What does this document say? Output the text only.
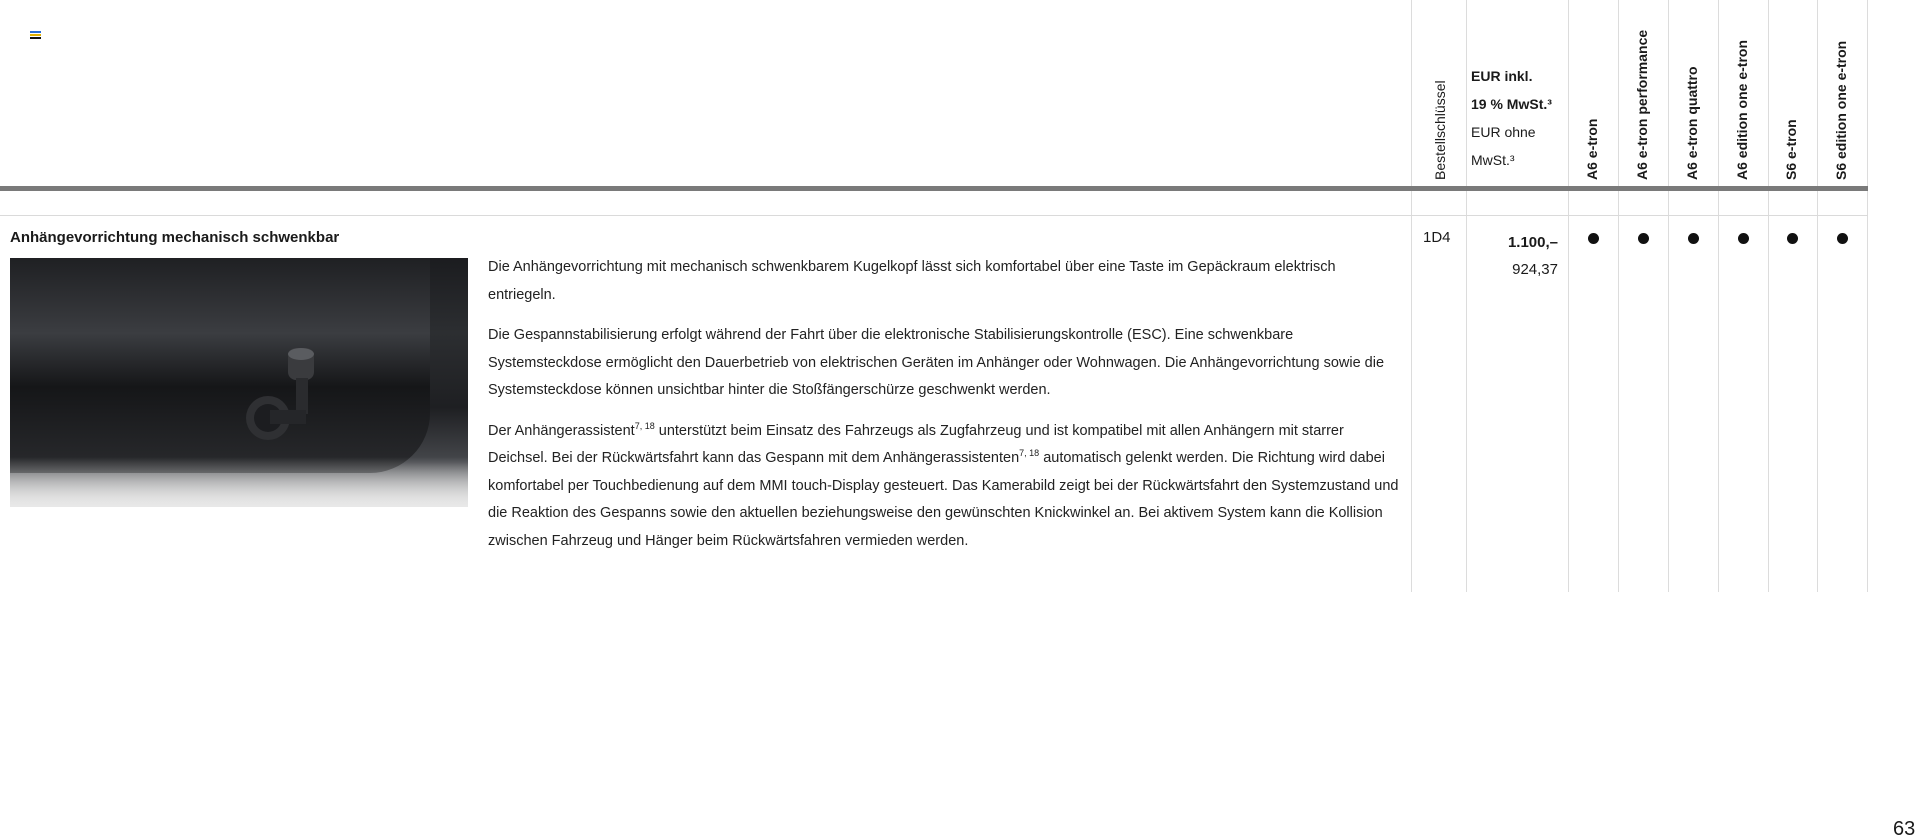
Bestellschlüssel
EUR inkl.
19 % MwSt.³
EUR ohne
MwSt.³	A6 e-tron A6 e-tron performance A6 e-tron quattro A6 edition one e-tron S6 e-tron S6 edition one e-tron
Anhängevorrichtung mechanisch schwenkbar

Die Anhängevorrichtung mit mechanisch schwenkbarem Kugelkopf lässt sich komfortabel über eine Taste im Gepäckraum elektrisch entriegeln.

Die Gespannstabilisierung erfolgt während der Fahrt über die elektronische Stabilisierungskontrolle (ESC). Eine schwenkbare Systemsteckdose ermöglicht den Dauerbetrieb von elektrischen Geräten im Anhänger oder Wohnwagen. Die Anhängevorrichtung sowie die Systemsteckdose können unsichtbar hinter die Stoßfängerschürze geschwenkt werden.

Der Anhängerassistent$^{7, 18}$ unterstützt beim Einsatz des Fahrzeugs als Zugfahrzeug und ist kompatibel mit allen Anhängern mit starrer Deichsel. Bei der Rückwärtsfahrt kann das Gespann mit dem Anhängerassistenten$^{7, 18}$ automatisch gelenkt werden. Die Richtung wird dabei komfortabel per Touchbedienung auf dem MMI touch-Display gesteuert. Das Kamerabild zeigt bei der Rückwärtsfahrt den Systemzustand und die Reaktion des Gespanns sowie den aktuellen beziehungsweise den gewünschten Knickwinkel an. Bei aktivem System kann die Kollision zwischen Fahrzeug und Hänger beim Rückwärtsfahren vermieden werden.

1D4	1.100,–
924,37
63
